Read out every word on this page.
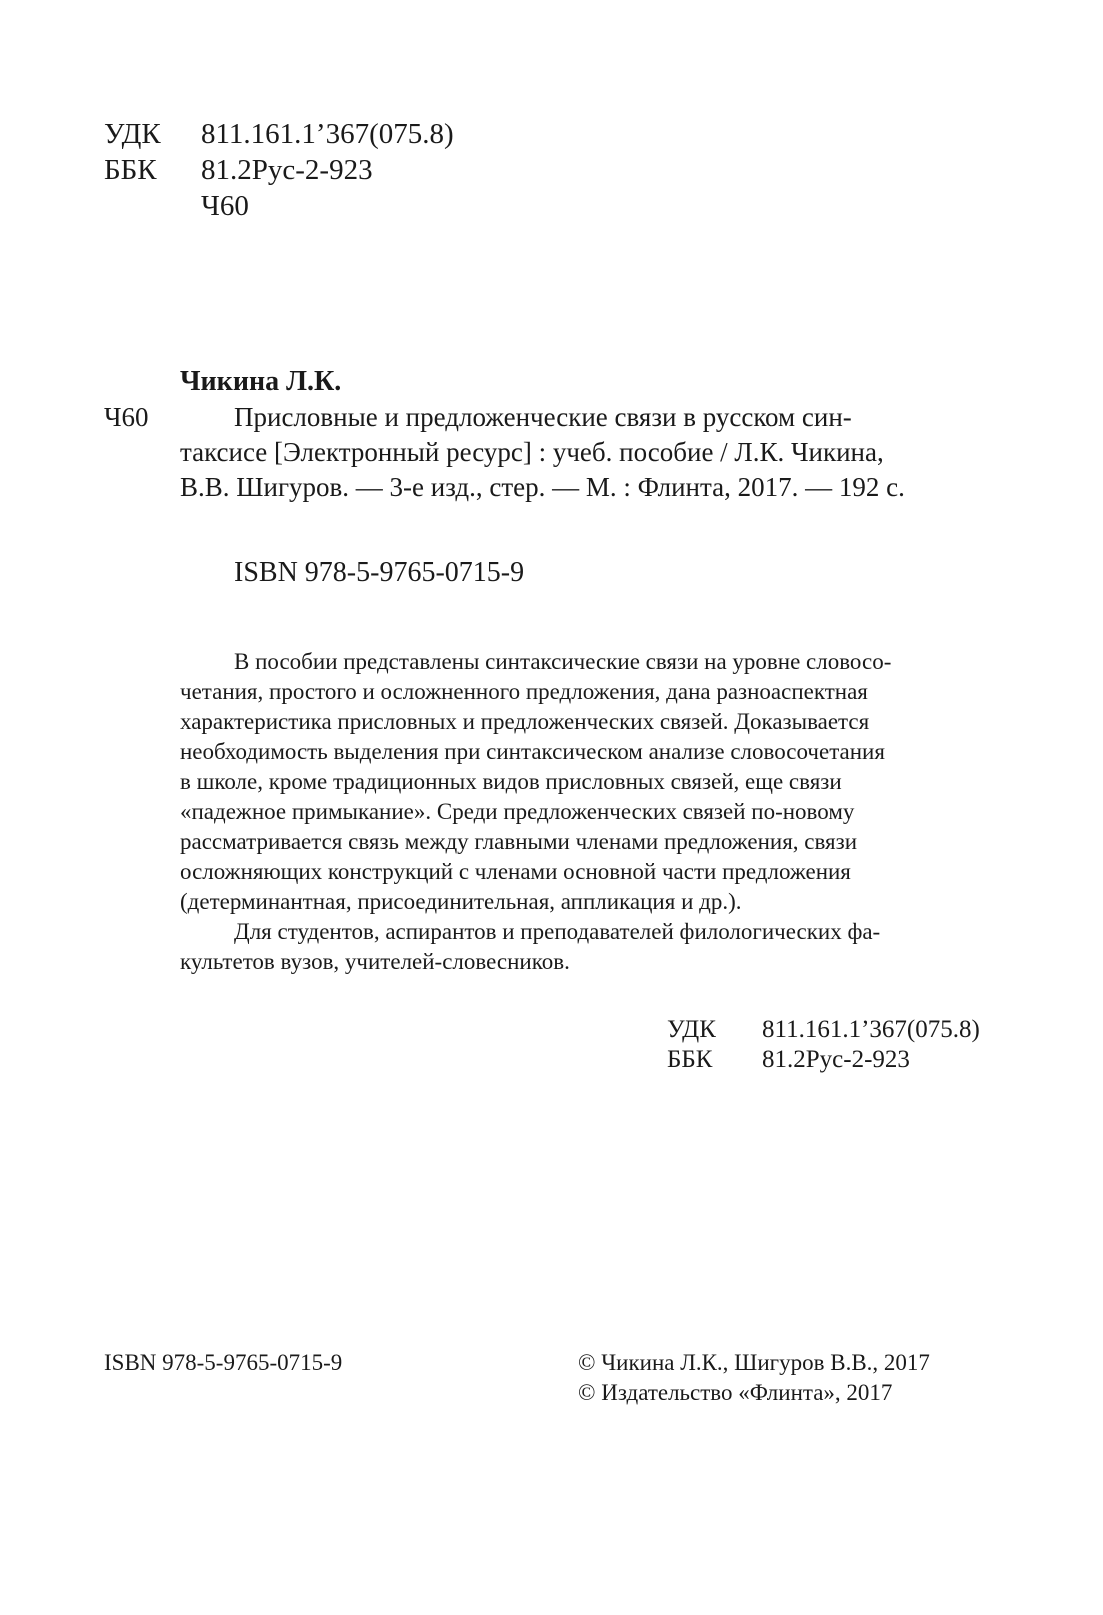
УДК 811.161.1’367(075.8)
ББК 81.2Рус-2-923
Ч60
Чикина Л.К.
Ч60	Присловные и предложенческие связи в русском син-
таксисе [Электронный ресурс] : учеб. пособие / Л.К. Чикина,
В.В. Шигуров. — 3-е изд., стер. — М. : Флинта, 2017. — 192 с.
ISBN 978-5-9765-0715-9
В пособии представлены синтаксические связи на уровне словосо-
четания, простого и осложненного предложения, дана разноаспектная
характеристика присловных и предложенческих связей. Доказывается
необходимость выделения при синтаксическом анализе словосочетания
в школе, кроме традиционных видов присловных связей, еще связи
«падежное примыкание». Среди предложенческих связей по-новому
рассматривается связь между главными членами предложения, связи
осложняющих конструкций с членами основной части предложения
(детерминантная, присоединительная, аппликация и др.).
Для студентов, аспирантов и преподавателей филологических фа-
культетов вузов, учителей-словесников.
УДК 811.161.1’367(075.8)
ББК 81.2Рус-2-923
ISBN 978-5-9765-0715-9	© Чикина Л.К., Шигуров В.В., 2017
© Издательство «Флинта», 2017
